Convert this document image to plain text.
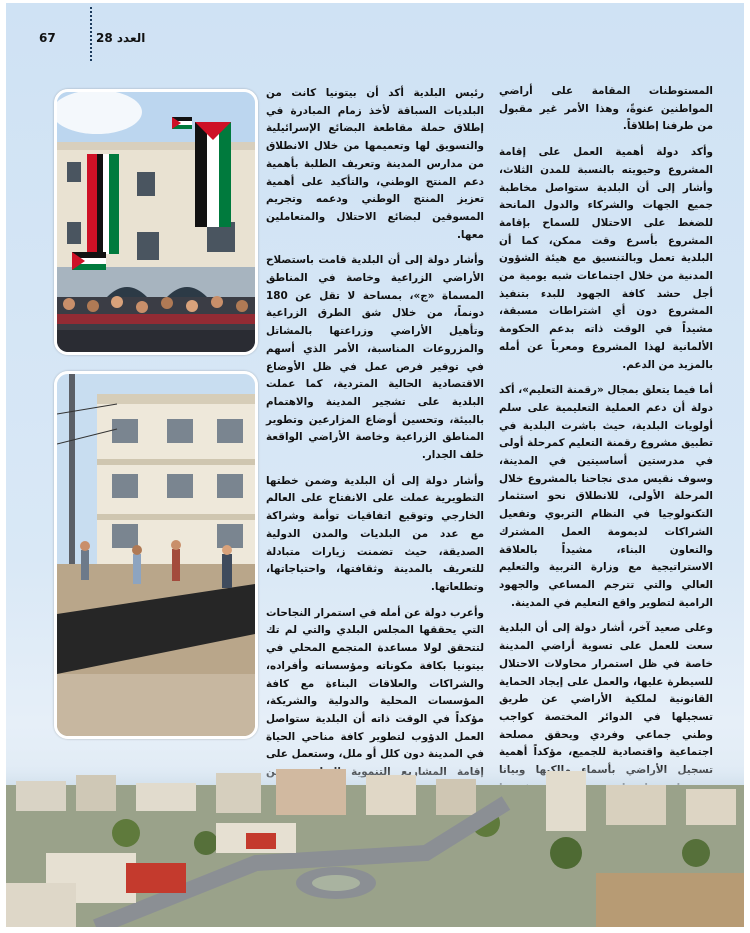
67	العدد 28

المستوطنات المقامة على أراضي المواطنين عنوةً، وهذا الأمر غير مقبول من طرفنا إطلاقاً.

وأكد دولة أهمية العمل على إقامة المشروع وحيويته بالنسبة للمدن الثلاث، وأشار إلى أن البلدية ستواصل مخاطبة جميع الجهات والشركاء والدول المانحة للضغط على الاحتلال للسماح بإقامة المشروع بأسرع وقت ممكن، كما أن البلدية تعمل وبالتنسيق مع هيئة الشؤون المدنية من خلال اجتماعات شبه يومية من أجل حشد كافة الجهود للبدء بتنفيذ المشروع دون أي اشتراطات مسبقة، مشيداً في الوقت ذاته بدعم الحكومة الألمانية لهذا المشروع ومعرباً عن أمله بالمزيد من الدعم.

أما فيما يتعلق بمجال «رقمنة التعليم»، أكد دولة أن دعم العملية التعليمية على سلم أولويات البلدية، حيث باشرت البلدية في تطبيق مشروع رقمنة التعليم كمرحلة أولى في مدرستين أساسيتين في المدينة، وسوف نقيس مدى نجاحنا بالمشروع خلال المرحلة الأولى، للانطلاق نحو استثمار التكنولوجيا في النظام التربوي وتفعيل الشراكات لديمومة العمل المشترك والتعاون البناء، مشيداً بالعلاقة الاستراتيجية مع وزارة التربية والتعليم العالي والتي تترجم المساعي والجهود الرامية لتطوير واقع التعليم في المدينة.

وعلى صعيد آخر، أشار دولة إلى أن البلدية سعت للعمل على تسوية أراضي المدينة خاصة في ظل استمرار محاولات الاحتلال للسيطرة عليها، والعمل على إيجاد الحماية القانونية لملكية الأراضي عن طريق تسجيلها في الدوائر المختصة كواجب وطني جماعي وفردي ويحقق مصلحة اجتماعية واقتصادية للجميع، مؤكداً أهمية

رئيس البلدية أكد أن بيتونيا كانت من البلديات السباقة لأخذ زمام المبادرة في إطلاق حملة مقاطعة البضائع الإسرائيلية والتسويق لها وتعميمها من خلال الانطلاق من مدارس المدينة وتعريف الطلبة بأهمية دعم المنتج الوطني، والتأكيد على أهمية تعزيز المنتج الوطني ودعمه وتجريم المسوقين لبضائع الاحتلال والمتعاملين معها.

وأشار دولة إلى أن البلدية قامت باستصلاح الأراضي الزراعية وخاصة في المناطق المسماة «ج»، بمساحة لا تقل عن 180 دونماً، من خلال شق الطرق الزراعية وتأهيل الأراضي وزراعتها بالمشاتل والمزروعات المناسبة، الأمر الذي أسهم في توفير فرص عمل في ظل الأوضاع الاقتصادية الحالية المتردية، كما عملت البلدية على تشجير المدينة والاهتمام بالبيئة، وتحسين أوضاع المزارعين وتطوير المناطق الزراعية وخاصة الأراضي الواقعة خلف الجدار.

وأشار دولة إلى أن البلدية وضمن خطتها التطويرية عملت على الانفتاح على العالم الخارجي وتوقيع اتفاقيات توأمة وشراكة مع عدد من البلديات والمدن الدولية الصديقة، حيث تضمنت زيارات متبادلة للتعريف بالمدينة وثقافتها، واحتياجاتها، وتطلعاتها.

وأعرب دولة عن أمله في استمرار النجاحات التي يحققها المجلس البلدي والتي لم تك لتتحقق لولا مساعدة المتجمع المحلي في بيتونيا بكافة مكوناته ومؤسساته وأفراده، والشراكات والعلاقات البناءة مع كافة المؤسسات المحلية والدولية والشريكة، مؤكداً في الوقت ذاته أن البلدية ستواصل العمل الدؤوب لتطوير كافة مناحي الحياة في المدينة دون كلل أو ملل، وستعمل على
